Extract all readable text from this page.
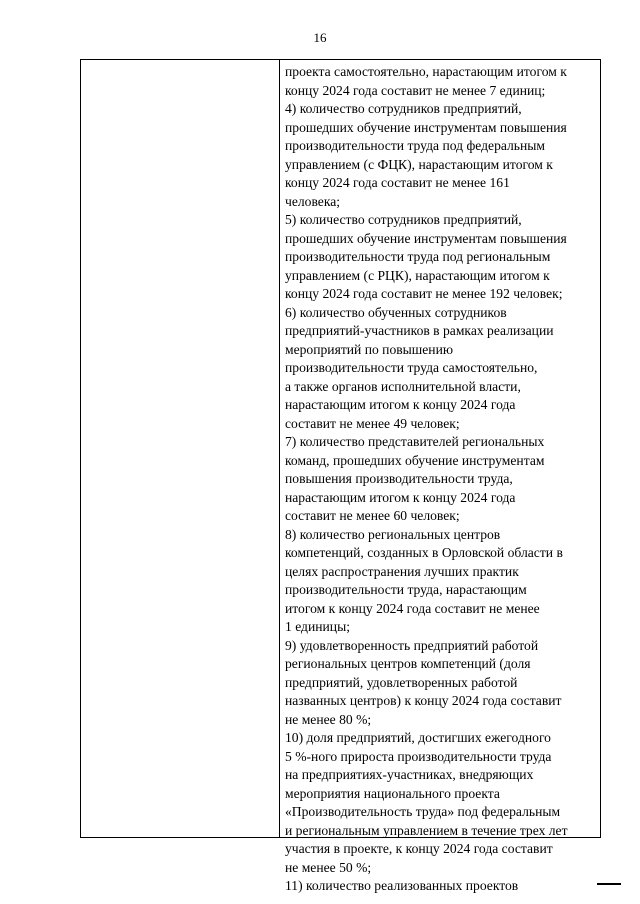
16
проекта самостоятельно, нарастающим итогом к
концу 2024 года составит не менее 7 единиц;
4) количество сотрудников предприятий,
прошедших обучение инструментам повышения
производительности труда под федеральным
управлением (с ФЦК), нарастающим итогом к
концу 2024 года составит не менее 161
человека;
5) количество сотрудников предприятий,
прошедших обучение инструментам повышения
производительности труда под региональным
управлением (с РЦК), нарастающим итогом к
концу 2024 года составит не менее 192 человек;
6) количество обученных сотрудников
предприятий-участников в рамках реализации
мероприятий по повышению
производительности труда самостоятельно,
а также органов исполнительной власти,
нарастающим итогом к концу 2024 года
составит не менее 49 человек;
7) количество представителей региональных
команд, прошедших обучение инструментам
повышения производительности труда,
нарастающим итогом к концу 2024 года
составит не менее 60 человек;
8) количество региональных центров
компетенций, созданных в Орловской области в
целях распространения лучших практик
производительности труда, нарастающим
итогом к концу 2024 года составит не менее
1 единицы;
9) удовлетворенность предприятий работой
региональных центров компетенций (доля
предприятий, удовлетворенных работой
названных центров) к концу 2024 года составит
не менее 80 %;
10) доля предприятий, достигших ежегодного
5 %-ного прироста производительности труда
на предприятиях-участниках, внедряющих
мероприятия национального проекта
«Производительность труда» под федеральным
и региональным управлением в течение трех лет
участия в проекте, к концу 2024 года составит
не менее 50 %;
11) количество реализованных проектов
